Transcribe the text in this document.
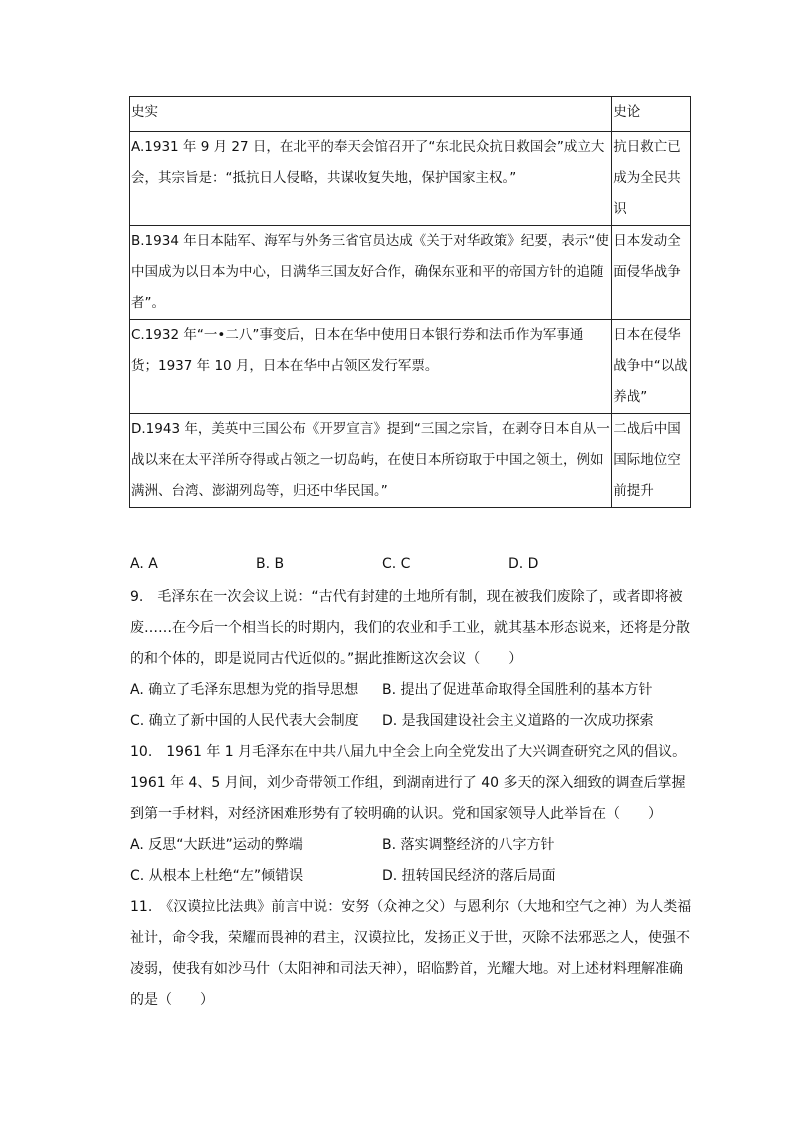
史实	史论
A.1931 年 9 月 27 日，在北平的奉天会馆召开了“东北民众抗日救国会”成立大会，其宗旨是：“抵抗日人侵略，共谋收复失地，保护国家主权。”	抗日救亡已成为全民共识
B.1934 年日本陆军、海军与外务三省官员达成《关于对华政策》纪要，表示“使中国成为以日本为中心，日满华三国友好合作，确保东亚和平的帝国方针的追随者”。	日本发动全面侵华战争
C.1932 年“一•二八”事变后，日本在华中使用日本银行券和法币作为军事通货；1937 年 10 月，日本在华中占领区发行军票。	日本在侵华战争中“以战养战”
D.1943 年，美英中三国公布《开罗宣言》提到“三国之宗旨，在剥夺日本自从一战以来在太平洋所夺得或占领之一切岛屿，在使日本所窃取于中国之领土，例如满洲、台湾、澎湖列岛等，归还中华民国。”	二战后中国国际地位空前提升
A. A	B. B	C. C	D. D

9.　毛泽东在一次会议上说：“古代有封建的土地所有制，现在被我们废除了，或者即将被废……在今后一个相当长的时期内，我们的农业和手工业，就其基本形态说来，还将是分散的和个体的，即是说同古代近似的。”据此推断这次会议（　　）

A. 确立了毛泽东思想为党的指导思想 B. 提出了促进革命取得全国胜利的基本方针
C. 确立了新中国的人民代表大会制度 D. 是我国建设社会主义道路的一次成功探索

10.　1961 年 1 月毛泽东在中共八届九中全会上向全党发出了大兴调查研究之风的倡议。1961 年 4、5 月间，刘少奇带领工作组，到湖南进行了 40 多天的深入细致的调查后掌握到第一手材料，对经济困难形势有了较明确的认识。党和国家领导人此举旨在（　　）

A. 反思“大跃进”运动的弊端	B. 落实调整经济的八字方针
C. 从根本上杜绝“左”倾错误	D. 扭转国民经济的落后局面

11.　《汉谟拉比法典》前言中说：安努（众神之父）与恩利尔（大地和空气之神）为人类福祉计，命令我，荣耀而畏神的君主，汉谟拉比，发扬正义于世，灭除不法邪恶之人，使强不凌弱，使我有如沙马什（太阳神和司法天神），昭临黔首，光耀大地。对上述材料理解准确的是（　　）
